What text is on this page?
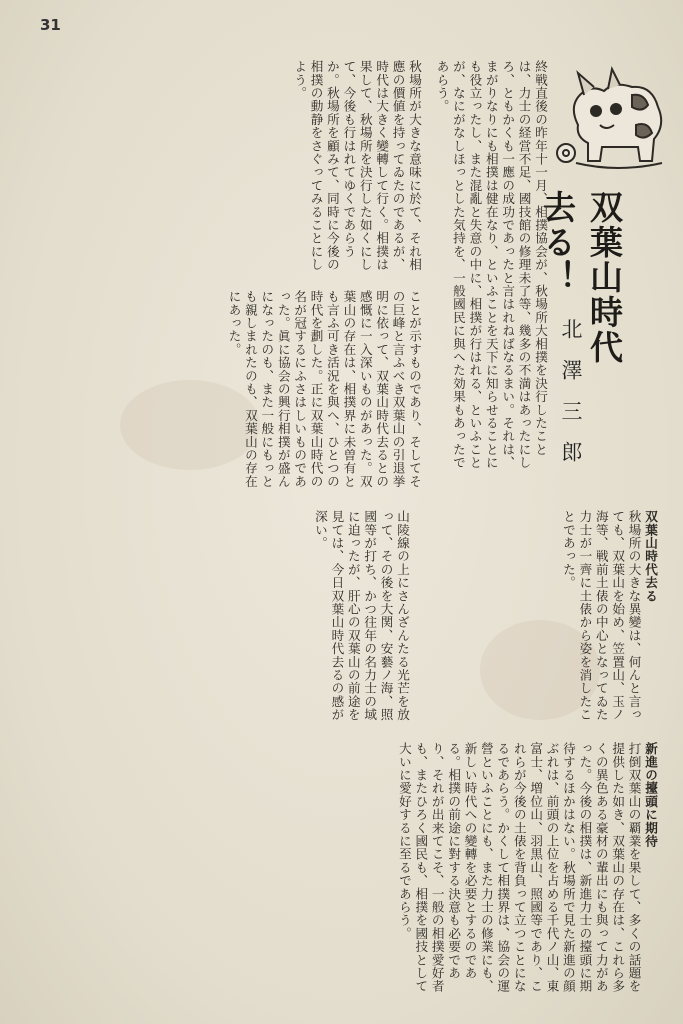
31
双葉山時代去る！
北澤三郎
終戦直後の昨年十一月、相撲協会が、秋場所大相撲を決行したことは、力士の経営不足、國技館の修理未了等、幾多の不満はあったにしろ、ともかくも一應の成功であったと言はれねばなるまい。それは、まがりなりにも相撲は健在なり、といふことを天下に知らせることにも役立ったし、また混亂と失意の中に、相撲が行はれる、といふことが、なにがなしほっとした気持を、一般國民に與へた効果もあったであらう。
秋場所が大きな意味に於て、それ相應の價値を持ってゐたのであるが、時代は大きく變轉して行く。相撲は果して、秋場所を決行した如くにして、今後も行はれてゆくであらうか。秋場所を顧みて、同時に今後の相撲の動静をさぐってみることにしよう。
ことが示すものであり、そしてその巨峰と言ふべき双葉山の引退挙明に依って、双葉山時代去るとの感慨に一入深いものがあった。双葉山の存在は、相撲界に未曽有とも言ふ可き活況を與へ、ひとつの時代を劃した。正に双葉山時代の名が冠するにふさはしいものであった。眞に協会の興行相撲が盛んになったのも、また一般にもっとも親しまれたのも、双葉山の存在にあった。
双葉山時代去る
秋場所の大きな異變は、何んと言っても、双葉山を始め、笠置山、玉ノ海等、戦前土俵の中心となってゐた力士が一齊に土俵から姿を消したことであった。
山陵線の上にさんざんたる光芒を放って、その後を大関、安藝ノ海、照國等が打ち、かつ往年の名力士の域に迫ったが、肝心の双葉山の前途を見ては、今日双葉山時代去るの感が深い。
新進の擡頭に期待
打倒双葉山の覇業を果して、多くの話題を提供した如き、双葉山の存在は、これら多くの異色ある豪材の輩出にも與って力があった。今後の相撲は、新進力士の擡頭に期待するほかはない。秋場所で見た新進の顔ぶれは、前頭の上位を占める千代ノ山、東富士、増位山、羽黒山、照國等であり、これらが今後の土俵を背負って立つことになるであらう。かくして相撲界は、協会の運營といふことにも、また力士の修業にも、新しい時代への變轉を必要とするのである。相撲の前途に對する決意も必要であり、それが出来てこそ、一般の相撲愛好者も、またひろく國民も、相撲を國技として大いに愛好するに至るであらう。
